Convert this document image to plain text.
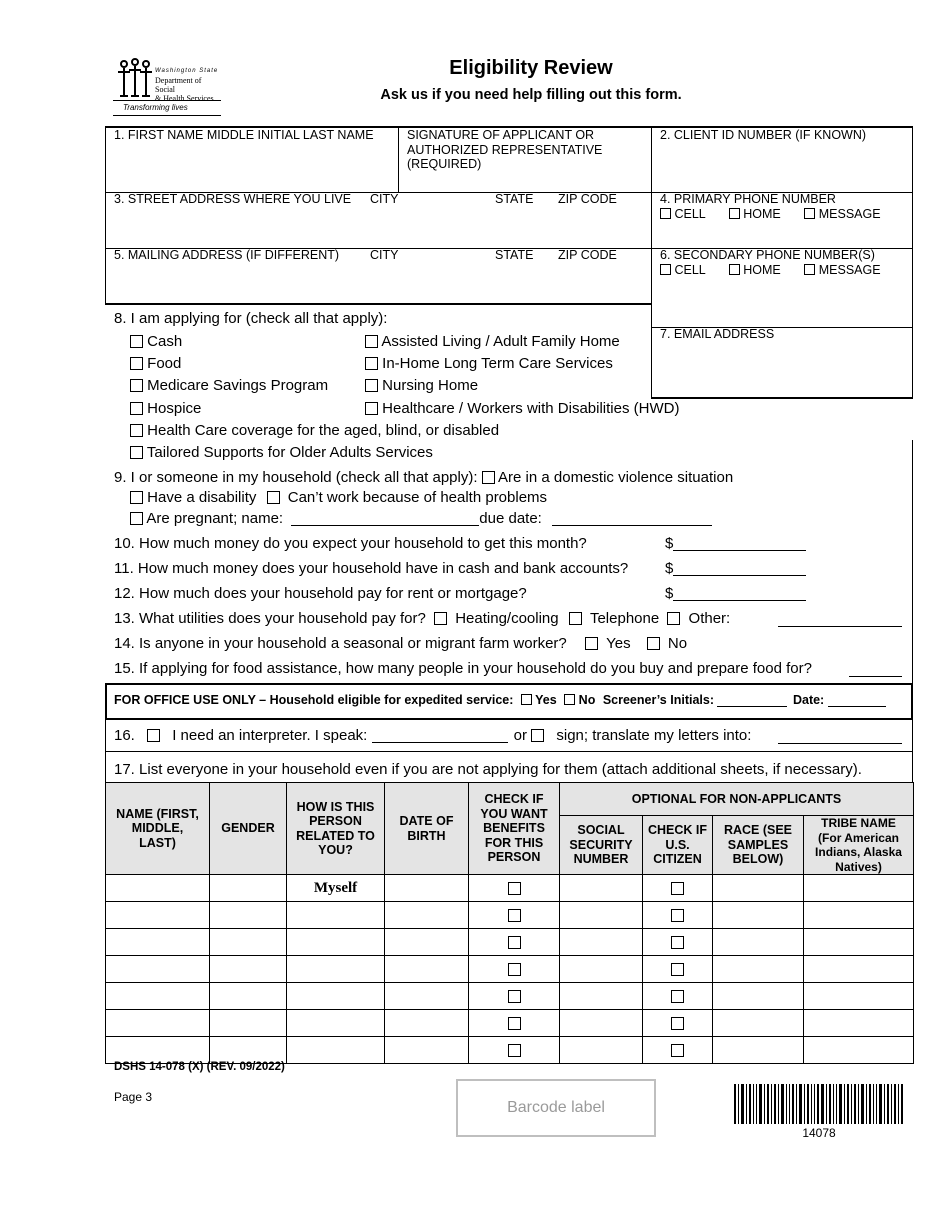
Washington State
Department of Social
& Health Services
Transforming lives
Eligibility Review
Ask us if you need help filling out this form.
1. FIRST NAME MIDDLE INITIAL LAST NAME	SIGNATURE OF APPLICANT OR AUTHORIZED REPRESENTATIVE (REQUIRED)
2. CLIENT ID NUMBER (IF KNOWN)
3. STREET ADDRESS WHERE YOU LIVE CITY	STATE ZIP CODE	4. PRIMARY PHONE NUMBER
CELL	HOME	MESSAGE
5. MAILING ADDRESS (IF DIFFERENT) CITY	STATE ZIP CODE	6. SECONDARY PHONE NUMBER(S)
CELL	HOME	MESSAGE
7. EMAIL ADDRESS
8. I am applying for (check all that apply):
Cash
Food
Medicare Savings Program
Hospice
Health Care coverage for the aged, blind, or disabled
Tailored Supports for Older Adults Services
Assisted Living / Adult Family Home
In-Home Long Term Care Services
Nursing Home
Healthcare / Workers with Disabilities (HWD)
9. I or someone in my household (check all that apply): Are in a domestic violence situation
Have a disability Can’t work because of health problems
Are pregnant; name:	due date:
10. How much money do you expect your household to get this month?	$
11. How much money does your household have in cash and bank accounts? $
12. How much does your household pay for rent or mortgage?	$
13. What utilities does your household pay for? Heating/cooling Telephone Other:
14. Is anyone in your household a seasonal or migrant farm worker?	Yes No
15. If applying for food assistance, how many people in your household do you buy and prepare food for?
FOR OFFICE USE ONLY – Household eligible for expedited service: Yes No Screener’s Initials:	Date:
16. I need an interpreter. I speak:	or sign; translate my letters into:
17. List everyone in your household even if you are not applying for them (attach additional sheets, if necessary).
NAME (FIRST, MIDDLE, LAST)	GENDER	HOW IS THIS PERSON RELATED TO YOU?	DATE OF BIRTH	CHECK IF YOU WANT BENEFITS FOR THIS PERSON	OPTIONAL FOR NON-APPLICANTS			
					SOCIAL SECURITY NUMBER	CHECK IF U.S. CITIZEN	RACE (SEE SAMPLES BELOW)	TRIBE NAME (For American Indians, Alaska Natives)
		Myself						

DSHS 14-078 (X) (REV. 09/2022)
Page 3
Barcode label
14078
